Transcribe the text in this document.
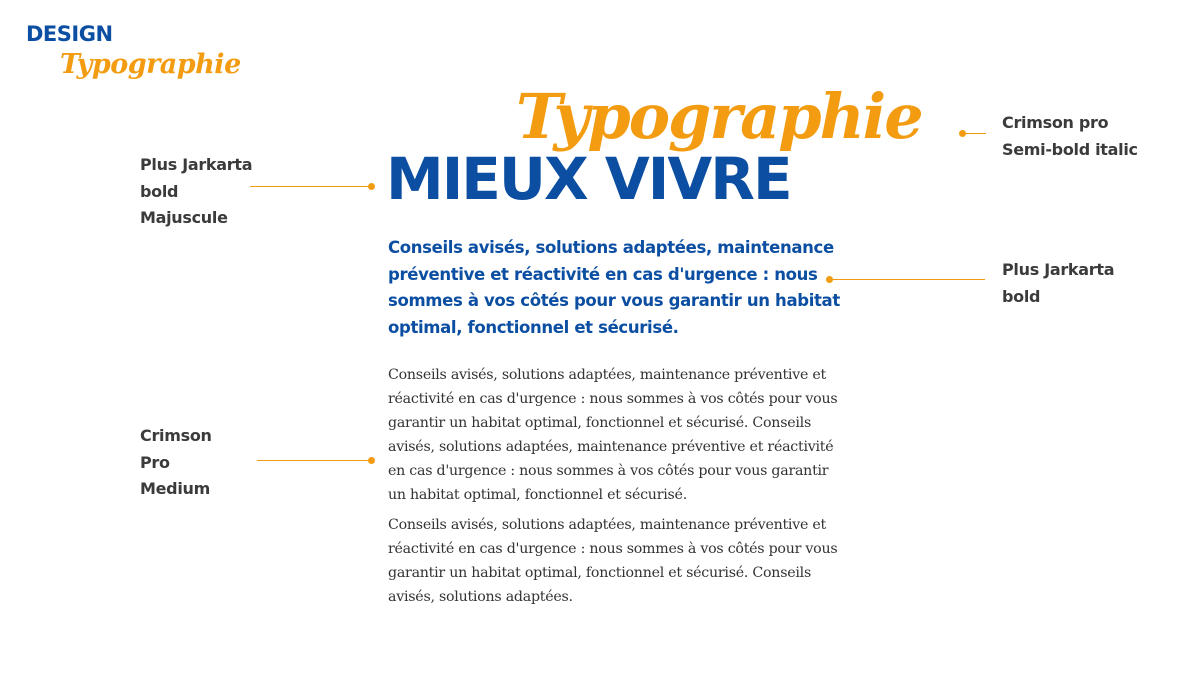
DESIGN
Typographie
Typographie
MIEUX VIVRE
Conseils avisés, solutions adaptées, maintenance préventive et réactivité en cas d'urgence : nous sommes à vos côtés pour vous garantir un habitat optimal, fonctionnel et sécurisé.
Conseils avisés, solutions adaptées, maintenance préventive et réactivité en cas d'urgence : nous sommes à vos côtés pour vous garantir un habitat optimal, fonctionnel et sécurisé. Conseils avisés, solutions adaptées, maintenance préventive et réactivité en cas d'urgence : nous sommes à vos côtés pour vous garantir un habitat optimal, fonctionnel et sécurisé.
Conseils avisés, solutions adaptées, maintenance préventive et réactivité en cas d'urgence : nous sommes à vos côtés pour vous garantir un habitat optimal, fonctionnel et sécurisé. Conseils avisés, solutions adaptées.
Plus Jarkarta
bold
Majuscule
Crimson pro
Semi-bold italic
Plus Jarkarta
bold
Crimson
Pro
Medium
